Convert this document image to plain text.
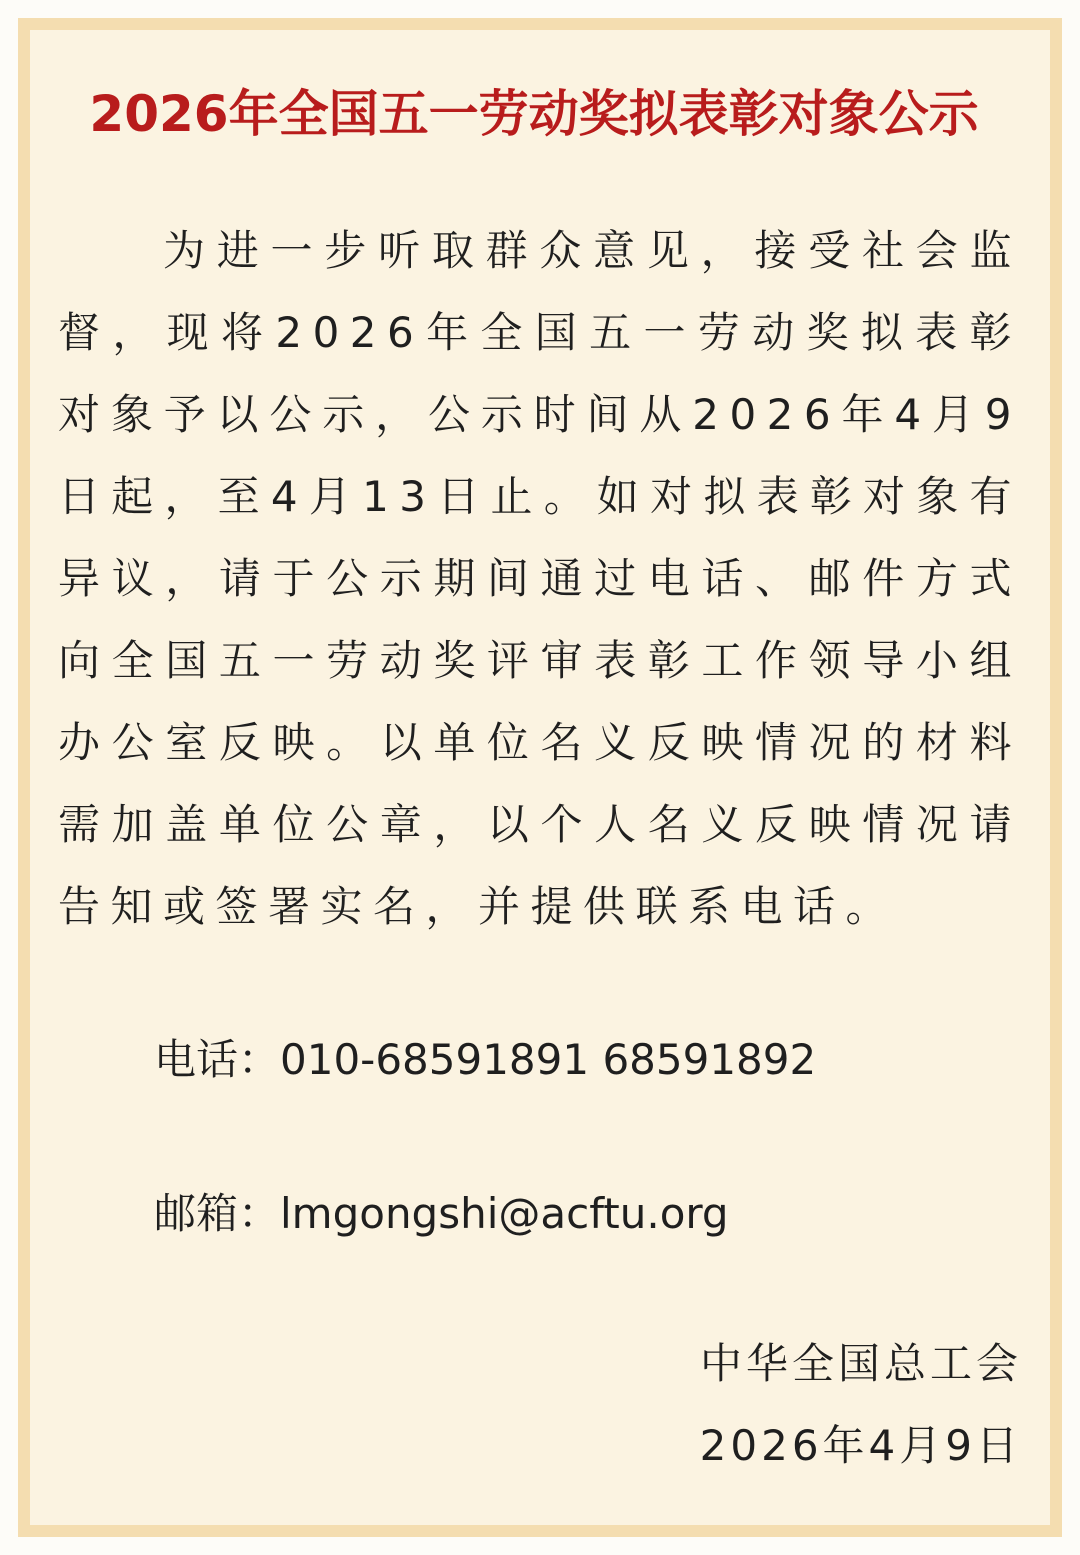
2026年全国五一劳动奖拟表彰对象公示

为进一步听取群众意见，接受社会监督，现将2026年全国五一劳动奖拟表彰对象予以公示，公示时间从2026年4月9日起，至4月13日止。如对拟表彰对象有异议，请于公示期间通过电话、邮件方式向全国五一劳动奖评审表彰工作领导小组办公室反映。以单位名义反映情况的材料需加盖单位公章，以个人名义反映情况请告知或签署实名，并提供联系电话。

电话：010-68591891 68591892
邮箱：lmgongshi@acftu.org
中华全国总工会
2026年4月9日
